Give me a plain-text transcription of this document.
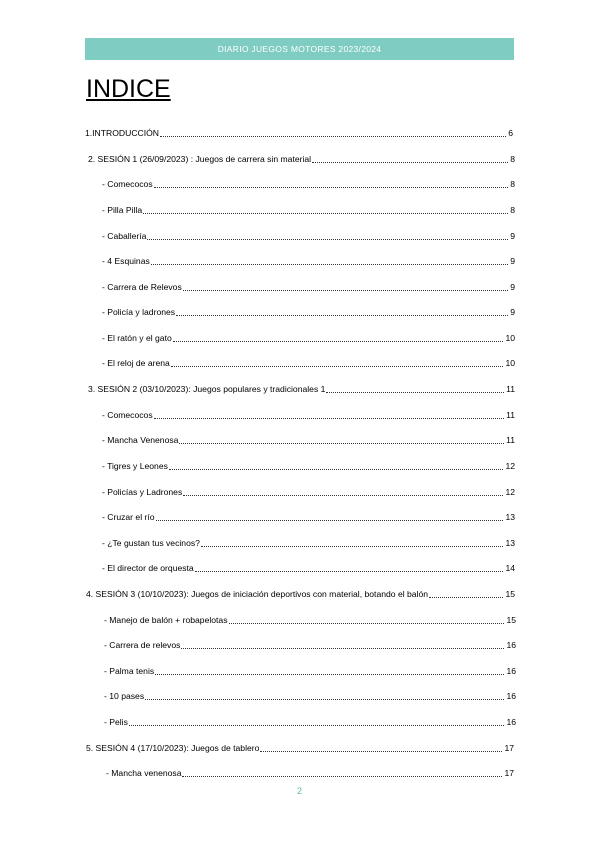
DIARIO JUEGOS MOTORES 2023/2024
INDICE
1.INTRODUCCIÓN	6
2. SESIÓN 1 (26/09/2023) : Juegos de carrera sin material	8
- Comecocos	8
- Pilla Pilla	8
- Caballería	9
- 4 Esquinas	9
- Carrera de Relevos	9
- Policía y ladrones	9
- El ratón y el gato	10
- El reloj de arena	10
3. SESIÓN 2 (03/10/2023): Juegos populares y tradicionales 1	11
- Comecocos	11
- Mancha Venenosa	11
- Tigres y Leones	12
- Policías y Ladrones	12
- Cruzar el río	13
- ¿Te gustan tus vecinos?	13
- El director de orquesta	14
4. SESIÓN 3 (10/10/2023): Juegos de iniciación deportivos con material, botando el balón	15
- Manejo de balón + robapelotas	15
- Carrera de relevos	16
- Palma tenis	16
- 10 pases	16
- Pelis	16
5. SESIÓN 4 (17/10/2023): Juegos de tablero	17
- Mancha venenosa	17
2
